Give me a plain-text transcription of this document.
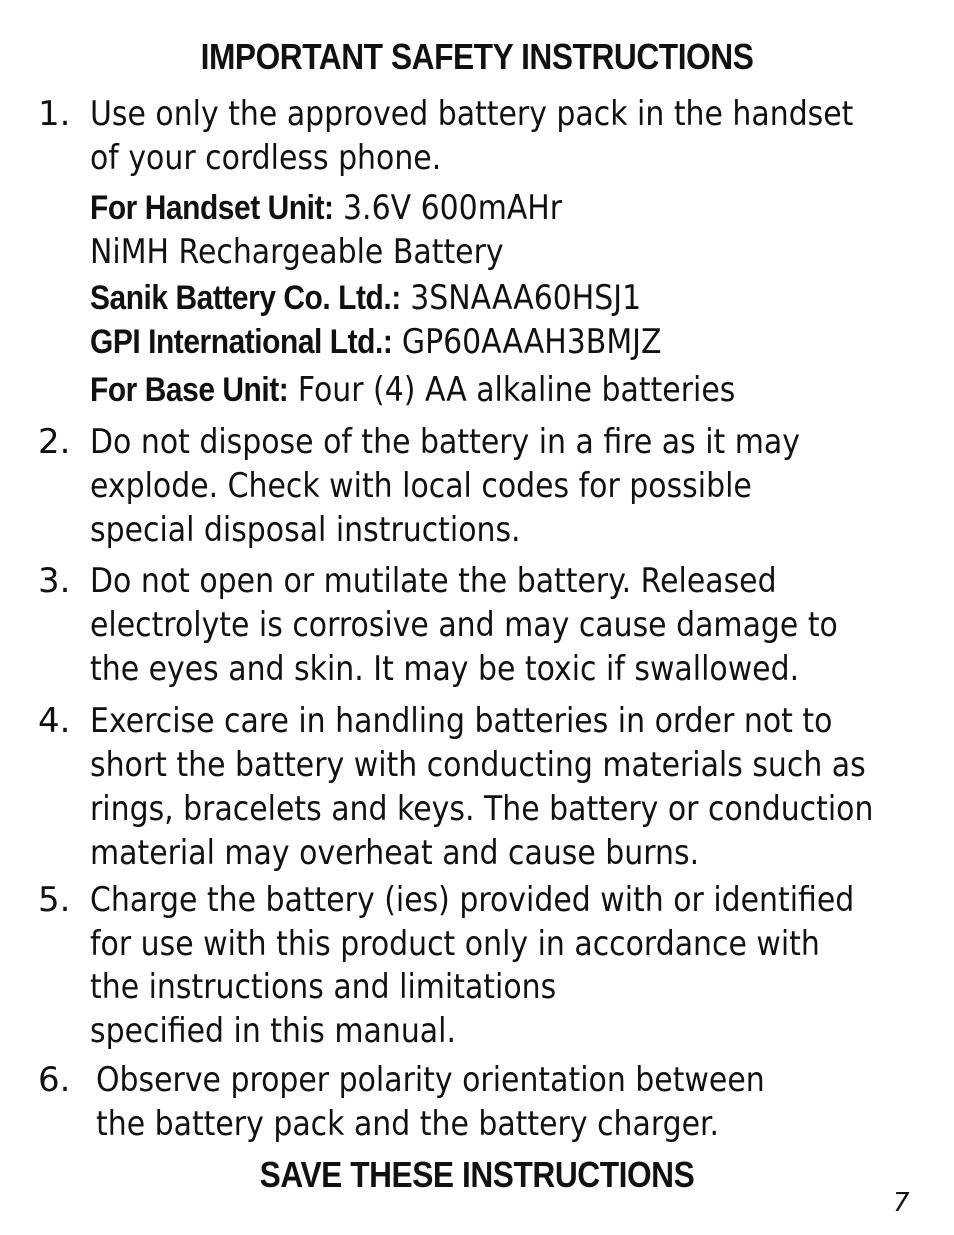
IMPORTANT SAFETY INSTRUCTIONS
1. Use only the approved battery pack in the handset
of your cordless phone.
For Handset Unit: 3.6V 600mAHr
NiMH Rechargeable Battery
Sanik Battery Co. Ltd.: 3SNAAA60HSJ1
GPI International Ltd.: GP60AAAH3BMJZ
For Base Unit: Four (4) AA alkaline batteries
2. Do not dispose of the battery in a fire as it may
explode. Check with local codes for possible
special disposal instructions.
3. Do not open or mutilate the battery. Released
electrolyte is corrosive and may cause damage to
the eyes and skin. It may be toxic if swallowed.
4. Exercise care in handling batteries in order not to
short the battery with conducting materials such as
rings, bracelets and keys. The battery or conduction
material may overheat and cause burns.
5. Charge the battery (ies) provided with or identified
for use with this product only in accordance with
the instructions and limitations
specified in this manual.
6. Observe proper polarity orientation between
the battery pack and the battery charger.
SAVE THESE INSTRUCTIONS
7
